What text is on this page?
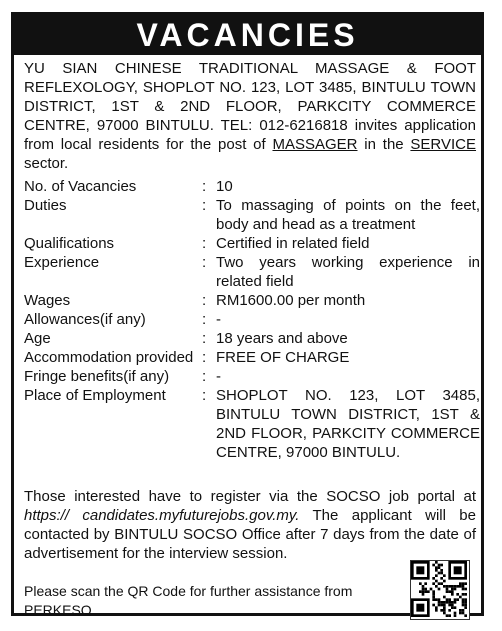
VACANCIES
YU SIAN CHINESE TRADITIONAL MASSAGE & FOOT REFLEXOLOGY, SHOPLOT NO. 123, LOT 3485, BINTULU TOWN DISTRICT, 1ST & 2ND FLOOR, PARKCITY COMMERCE CENTRE, 97000 BINTULU. TEL: 012-6216818 invites application from local residents for the post of MASSAGER in the SERVICE sector.
No. of Vacancies	: 10
Duties	: To massaging of points on the feet, body and head as a treatment
Qualifications	: Certified in related field
Experience	: Two years working experience in related field
Wages	: RM1600.00 per month
Allowances(if any)	: -
Age	: 18 years and above
Accommodation provided : FREE OF CHARGE
Fringe benefits(if any)	: -
Place of Employment	: SHOPLOT NO. 123, LOT 3485, BINTULU TOWN DISTRICT, 1ST & 2ND FLOOR, PARKCITY COMMERCE CENTRE, 97000 BINTULU.
Those interested have to register via the SOCSO job portal at https:// candidates.myfuturejobs.gov.my. The applicant will be contacted by BINTULU SOCSO Office after 7 days from the date of advertisement for the interview session.
Please scan the QR Code for further assistance from PERKESO
